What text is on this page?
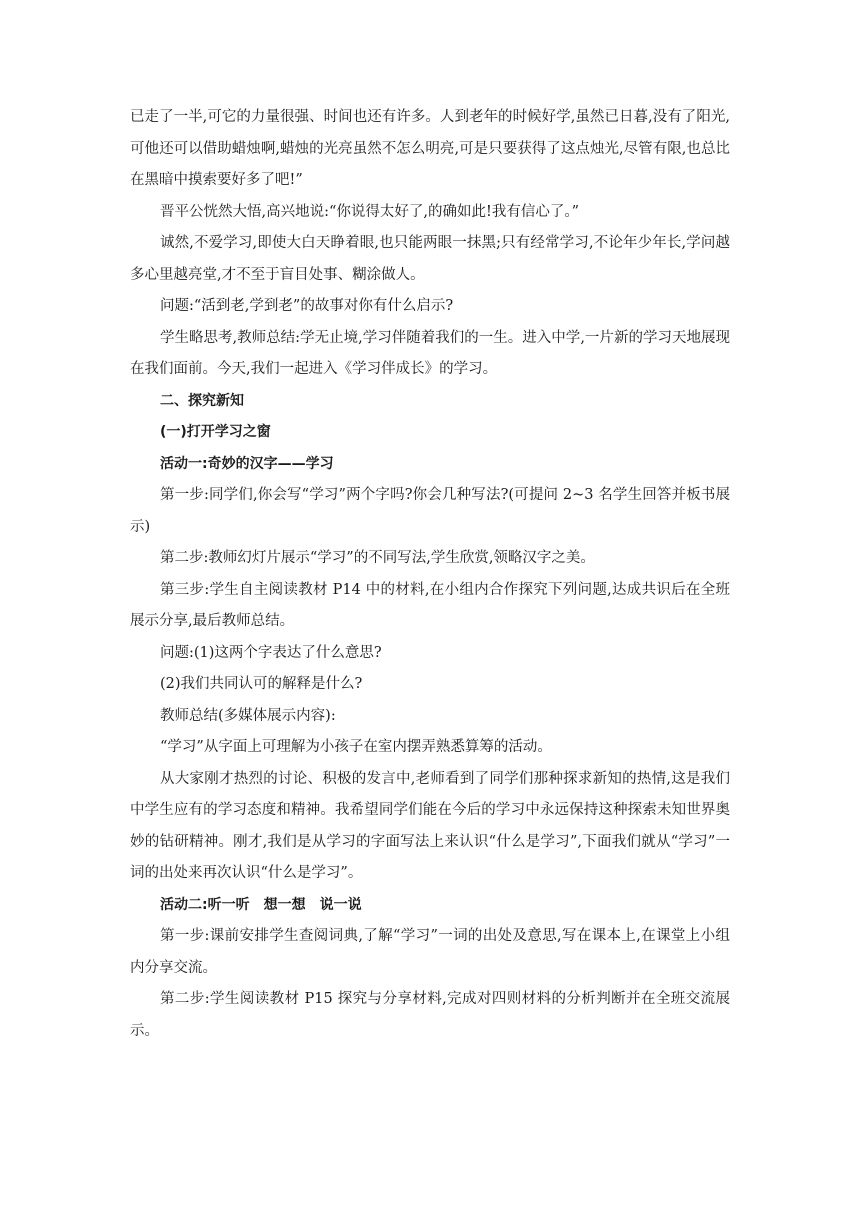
已走了一半,可它的力量很强、时间也还有许多。人到老年的时候好学,虽然已日暮,没有了阳光,可他还可以借助蜡烛啊,蜡烛的光亮虽然不怎么明亮,可是只要获得了这点烛光,尽管有限,也总比在黑暗中摸索要好多了吧!”

晋平公恍然大悟,高兴地说:“你说得太好了,的确如此!我有信心了。”

诚然,不爱学习,即使大白天睁着眼,也只能两眼一抹黑;只有经常学习,不论年少年长,学问越多心里越亮堂,才不至于盲目处事、糊涂做人。

问题:“活到老,学到老”的故事对你有什么启示?

学生略思考,教师总结:学无止境,学习伴随着我们的一生。进入中学,一片新的学习天地展现在我们面前。今天,我们一起进入《学习伴成长》的学习。

二、探究新知

(一)打开学习之窗

活动一:奇妙的汉字——学习

第一步:同学们,你会写“学习”两个字吗?你会几种写法?(可提问 2~3 名学生回答并板书展示)

第二步:教师幻灯片展示“学习”的不同写法,学生欣赏,领略汉字之美。

第三步:学生自主阅读教材 P14 中的材料,在小组内合作探究下列问题,达成共识后在全班展示分享,最后教师总结。

问题:(1)这两个字表达了什么意思?

(2)我们共同认可的解释是什么?

教师总结(多媒体展示内容):

“学习”从字面上可理解为小孩子在室内摆弄熟悉算筹的活动。

从大家刚才热烈的讨论、积极的发言中,老师看到了同学们那种探求新知的热情,这是我们中学生应有的学习态度和精神。我希望同学们能在今后的学习中永远保持这种探索未知世界奥妙的钻研精神。刚才,我们是从学习的字面写法上来认识“什么是学习”,下面我们就从“学习”一词的出处来再次认识“什么是学习”。

活动二:听一听　想一想　说一说

第一步:课前安排学生查阅词典,了解“学习”一词的出处及意思,写在课本上,在课堂上小组内分享交流。

第二步:学生阅读教材 P15 探究与分享材料,完成对四则材料的分析判断并在全班交流展示。
